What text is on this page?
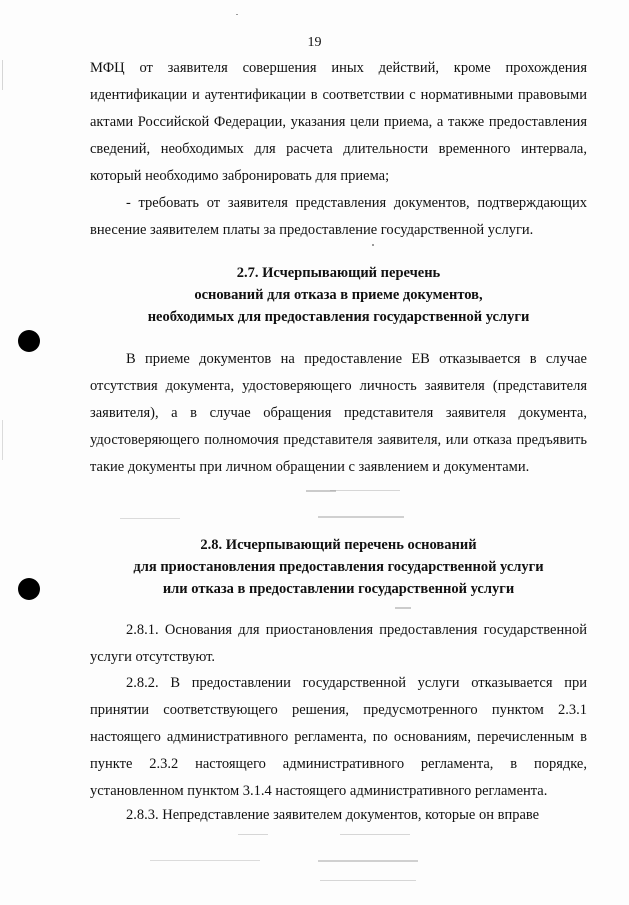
19

МФЦ от заявителя совершения иных действий, кроме прохождения идентификации и аутентификации в соответствии с нормативными правовыми актами Российской Федерации, указания цели приема, а также предоставления сведений, необходимых для расчета длительности временного интервала, который необходимо забронировать для приема;

- требовать от заявителя представления документов, подтверждающих внесение заявителем платы за предоставление государственной услуги.

2.7. Исчерпывающий перечень
оснований для отказа в приеме документов,
необходимых для предоставления государственной услуги

В приеме документов на предоставление ЕВ отказывается в случае отсутствия документа, удостоверяющего личность заявителя (представителя заявителя), а в случае обращения представителя заявителя документа, удостоверяющего полномочия представителя заявителя, или отказа предъявить такие документы при личном обращении с заявлением и документами.

2.8. Исчерпывающий перечень оснований
для приостановления предоставления государственной услуги
или отказа в предоставлении государственной услуги

2.8.1. Основания для приостановления предоставления государственной услуги отсутствуют.

2.8.2. В предоставлении государственной услуги отказывается при принятии соответствующего решения, предусмотренного пунктом 2.3.1 настоящего административного регламента, по основаниям, перечисленным в пункте 2.3.2 настоящего административного регламента, в порядке, установленном пунктом 3.1.4 настоящего административного регламента.

2.8.3. Непредставление заявителем документов, которые он вправе
